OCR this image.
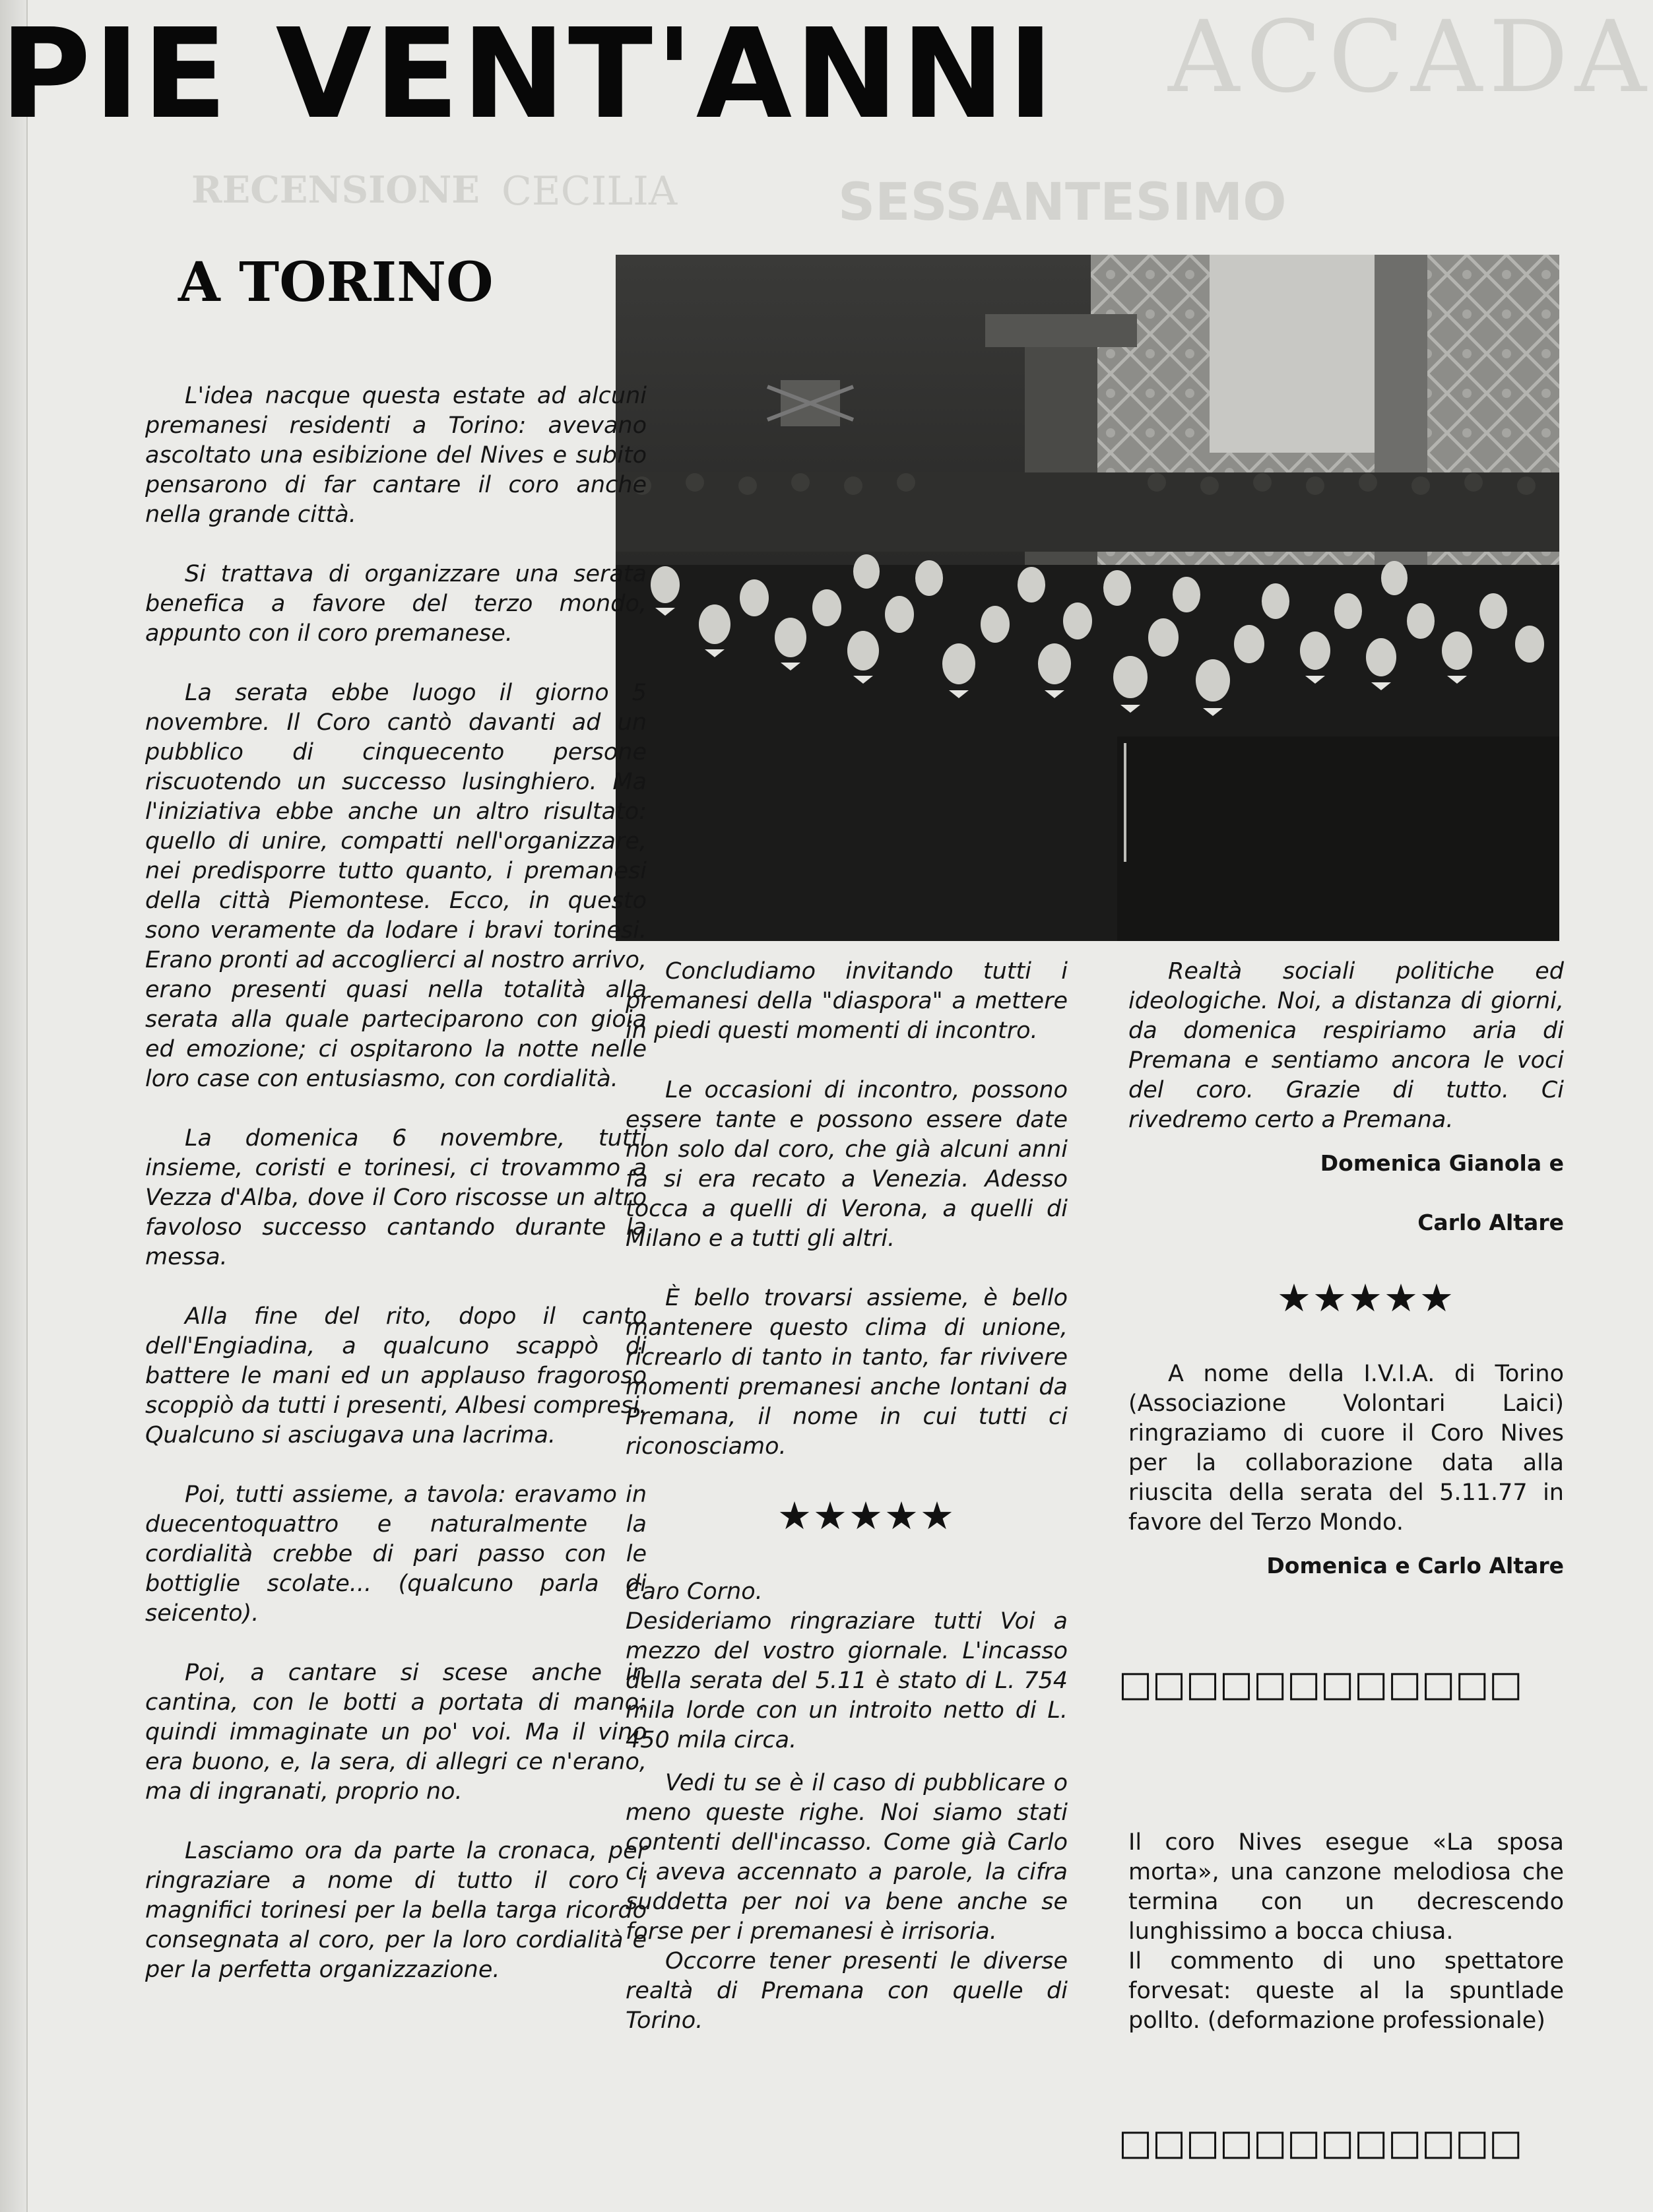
ACCADA
SESSANTESIMO
RECENSIONE CECILIA
PIE VENT'ANNI
A TORINO

L'idea nacque questa estate ad alcuni premanesi residenti a Torino: avevano ascoltato una esibizione del Nives e subito pensarono di far cantare il coro anche nella grande città.

Si trattava di organizzare una serata benefica a favore del terzo mondo, appunto con il coro premanese.

La serata ebbe luogo il giorno 5 novembre. Il Coro cantò davanti ad un pubblico di cinquecento persone riscuotendo un successo lusinghiero. Ma l'iniziativa ebbe anche un altro risultato: quello di unire, compatti nell'organizzare, nei predisporre tutto quanto, i premanesi della città Piemontese. Ecco, in questo sono veramente da lodare i bravi torinesi. Erano pronti ad accoglierci al nostro arrivo, erano presenti quasi nella totalità alla serata alla quale parteciparono con gioia ed emozione; ci ospitarono la notte nelle loro case con entusiasmo, con cordialità.

La domenica 6 novembre, tutti insieme, coristi e torinesi, ci trovammo a Vezza d'Alba, dove il Coro riscosse un altro favoloso successo cantando durante la messa.

Alla fine del rito, dopo il canto dell'Engiadina, a qualcuno scappò di battere le mani ed un applauso fragoroso scoppiò da tutti i presenti, Albesi compresi. Qualcuno si asciugava una lacrima.

Poi, tutti assieme, a tavola: eravamo in duecentoquattro e naturalmente la cordialità crebbe di pari passo con le bottiglie scolate... (qualcuno parla di seicento).

Poi, a cantare si scese anche in cantina, con le botti a portata di mano: quindi immaginate un po' voi. Ma il vino era buono, e, la sera, di allegri ce n'erano, ma di ingranati, proprio no.

Lasciamo ora da parte la cronaca, per ringraziare a nome di tutto il coro i magnifici torinesi per la bella targa ricordo consegnata al coro, per la loro cordialità e per la perfetta organizzazione.

Concludiamo invitando tutti i premanesi della "diaspora" a mettere in piedi questi momenti di incontro.

Le occasioni di incontro, possono essere tante e possono essere date non solo dal coro, che già alcuni anni fa si era recato a Venezia. Adesso tocca a quelli di Verona, a quelli di Milano e a tutti gli altri.

È bello trovarsi assieme, è bello mantenere questo clima di unione, ricrearlo di tanto in tanto, far rivivere momenti premanesi anche lontani da Premana, il nome in cui tutti ci riconosciamo.

★★★★★

Caro Corno.

Desideriamo ringraziare tutti Voi a mezzo del vostro giornale. L'incasso della serata del 5.11 è stato di L. 754 mila lorde con un introito netto di L. 450 mila circa.

Vedi tu se è il caso di pubblicare o meno queste righe. Noi siamo stati contenti dell'incasso. Come già Carlo ci aveva accennato a parole, la cifra suddetta per noi va bene anche se forse per i premanesi è irrisoria.

Occorre tener presenti le diverse realtà di Premana con quelle di Torino.

Realtà sociali politiche ed ideologiche. Noi, a distanza di giorni, da domenica respiriamo aria di Premana e sentiamo ancora le voci del coro. Grazie di tutto. Ci rivedremo certo a Premana.

Domenica Gianola e

Carlo Altare

★★★★★

A nome della I.V.I.A. di Torino (Associazione Volontari Laici) ringraziamo di cuore il Coro Nives per la collaborazione data alla riuscita della serata del 5.11.77 in favore del Terzo Mondo.

Domenica e Carlo Altare

□□□□□□□□□□□□

Il coro Nives esegue «La sposa morta», una canzone melodiosa che termina con un decrescendo lunghissimo a bocca chiusa.

Il commento di uno spettatore forvesat: queste al la spuntlade pollto. (deformazione professionale)

□□□□□□□□□□□□
